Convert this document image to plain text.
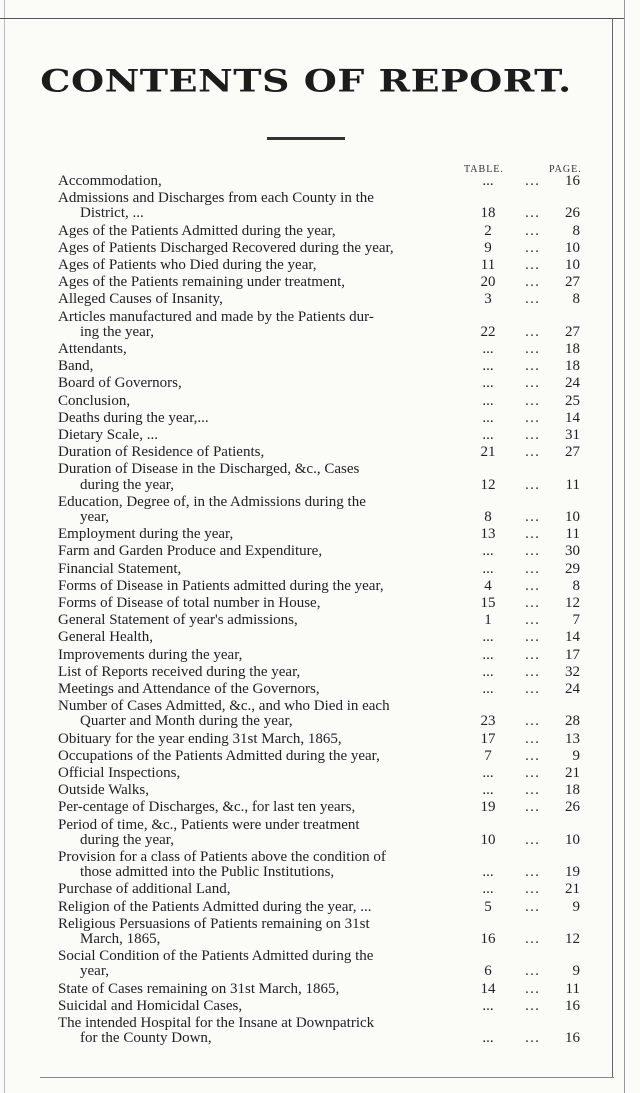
CONTENTS OF REPORT.
TABLE.	PAGE.
Accommodation,	...	…	16
Admissions and Discharges from each County in the
District, ...	18	…	26
Ages of the Patients Admitted during the year,	2	…	8
Ages of Patients Discharged Recovered during the year,	9	…	10
Ages of Patients who Died during the year,	11	…	10
Ages of the Patients remaining under treatment,	20	…	27
Alleged Causes of Insanity,	3	…	8
Articles manufactured and made by the Patients dur-
ing the year,	22	…	27
Attendants,	...	…	18
Band,	...	…	18
Board of Governors,	...	…	24
Conclusion,	...	…	25
Deaths during the year,...	...	…	14
Dietary Scale, ...	...	…	31
Duration of Residence of Patients,	21	…	27
Duration of Disease in the Discharged, &c., Cases
during the year,	12	…	11
Education, Degree of, in the Admissions during the
year,	8	…	10
Employment during the year,	13	…	11
Farm and Garden Produce and Expenditure,	...	…	30
Financial Statement,	...	…	29
Forms of Disease in Patients admitted during the year,	4	…	8
Forms of Disease of total number in House,	15	…	12
General Statement of year's admissions,	1	…	7
General Health,	...	…	14
Improvements during the year,	...	…	17
List of Reports received during the year,	...	…	32
Meetings and Attendance of the Governors,	...	…	24
Number of Cases Admitted, &c., and who Died in each
Quarter and Month during the year,	23	…	28
Obituary for the year ending 31st March, 1865,	17	…	13
Occupations of the Patients Admitted during the year,	7	…	9
Official Inspections,	...	…	21
Outside Walks,	...	…	18
Per-centage of Discharges, &c., for last ten years,	19	…	26
Period of time, &c., Patients were under treatment
during the year,	10	…	10
Provision for a class of Patients above the condition of
those admitted into the Public Institutions,	...	…	19
Purchase of additional Land,	...	…	21
Religion of the Patients Admitted during the year, ...	5	…	9
Religious Persuasions of Patients remaining on 31st
March, 1865,	16	…	12
Social Condition of the Patients Admitted during the
year,	6	…	9
State of Cases remaining on 31st March, 1865,	14	…	11
Suicidal and Homicidal Cases,	...	…	16
The intended Hospital for the Insane at Downpatrick
for the County Down,	...	…	16
